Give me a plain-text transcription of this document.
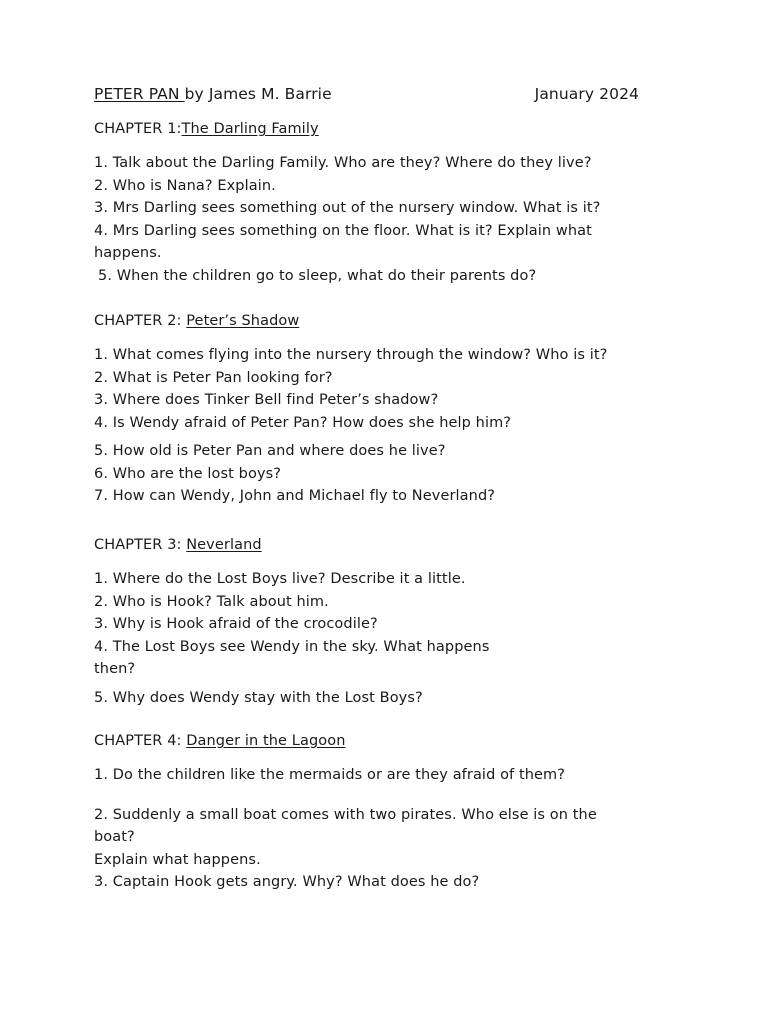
PETER PAN by James M. Barrie	January 2024
CHAPTER 1:The Darling Family
1. Talk about the Darling Family. Who are they? Where do they live?
2. Who is Nana? Explain.
3. Mrs Darling sees something out of the nursery window. What is it?
4. Mrs Darling sees something on the floor. What is it? Explain what
happens.
5. When the children go to sleep, what do their parents do?
CHAPTER 2: Peter’s Shadow
1. What comes flying into the nursery through the window? Who is it?
2. What is Peter Pan looking for?
3. Where does Tinker Bell find Peter’s shadow?
4. Is Wendy afraid of Peter Pan? How does she help him?
5. How old is Peter Pan and where does he live?
6. Who are the lost boys?
7. How can Wendy, John and Michael fly to Neverland?
CHAPTER 3: Neverland
1. Where do the Lost Boys live? Describe it a little.
2. Who is Hook? Talk about him.
3. Why is Hook afraid of the crocodile?
4. The Lost Boys see Wendy in the sky. What happens
then?
5. Why does Wendy stay with the Lost Boys?
CHAPTER 4: Danger in the Lagoon
1. Do the children like the mermaids or are they afraid of them?
2. Suddenly a small boat comes with two pirates. Who else is on the boat?
Explain what happens.
3. Captain Hook gets angry. Why? What does he do?
